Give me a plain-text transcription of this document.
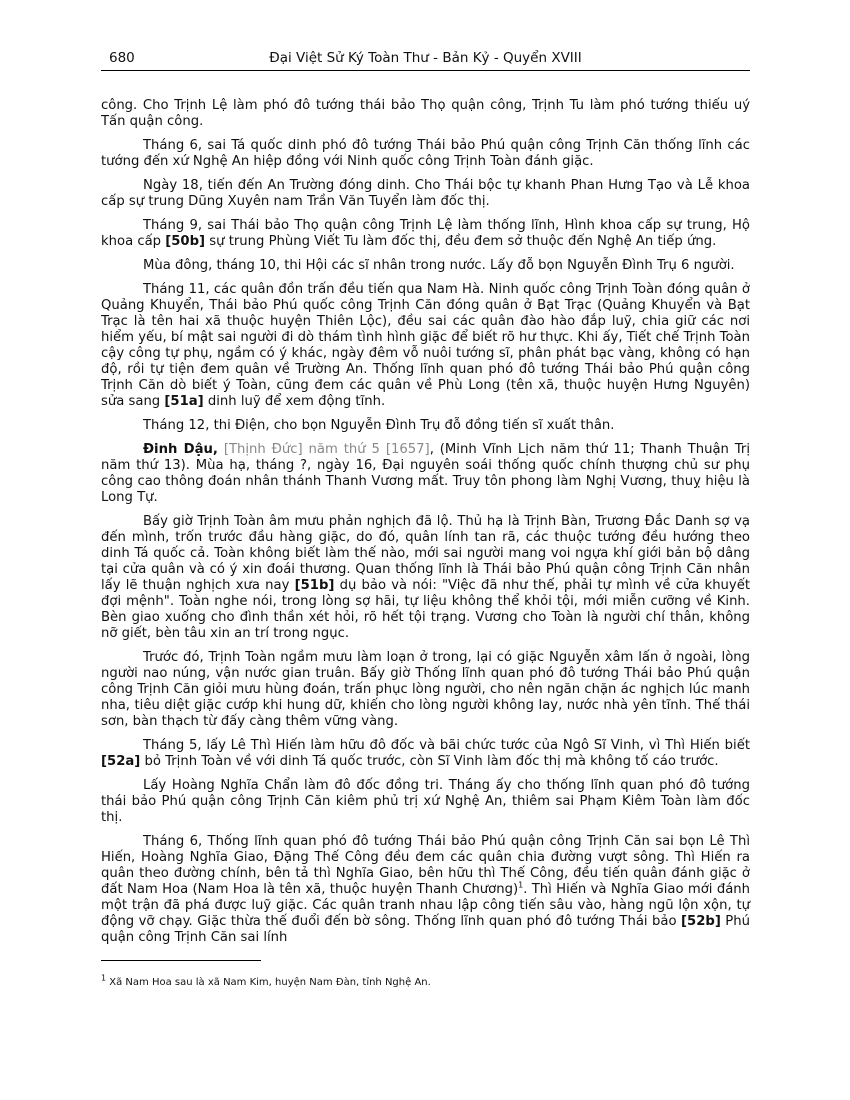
680	Đại Việt Sử Ký Toàn Thư - Bản Kỷ - Quyển XVIII

công. Cho Trịnh Lệ làm phó đô tướng thái bảo Thọ quận công, Trịnh Tu làm phó tướng thiếu uý Tấn quận công.

Tháng 6, sai Tá quốc dinh phó đô tướng Thái bảo Phú quận công Trịnh Căn thống lĩnh các tướng đến xứ Nghệ An hiệp đồng với Ninh quốc công Trịnh Toàn đánh giặc.

Ngày 18, tiến đến An Trường đóng dinh. Cho Thái bộc tự khanh Phan Hưng Tạo và Lễ khoa cấp sự trung Dũng Xuyên nam Trần Văn Tuyển làm đốc thị.

Tháng 9, sai Thái bảo Thọ quận công Trịnh Lệ làm thống lĩnh, Hình khoa cấp sự trung, Hộ khoa cấp [50b] sự trung Phùng Viết Tu làm đốc thị, đều đem sở thuộc đến Nghệ An tiếp ứng.

Mùa đông, tháng 10, thi Hội các sĩ nhân trong nước. Lấy đỗ bọn Nguyễn Đình Trụ 6 người.

Tháng 11, các quân đồn trấn đều tiến qua Nam Hà. Ninh quốc công Trịnh Toàn đóng quân ở Quảng Khuyển, Thái bảo Phú quốc công Trịnh Căn đóng quân ở Bạt Trạc (Quảng Khuyển và Bạt Trạc là tên hai xã thuộc huyện Thiên Lộc), đều sai các quân đào hào đắp luỹ, chia giữ các nơi hiểm yếu, bí mật sai người đi dò thám tình hình giặc để biết rõ hư thực. Khi ấy, Tiết chế Trịnh Toàn cậy công tự phụ, ngầm có ý khác, ngày đêm vỗ nuôi tướng sĩ, phân phát bạc vàng, không có hạn độ, rồi tự tiện đem quân về Trường An. Thống lĩnh quan phó đô tướng Thái bảo Phú quận công Trịnh Căn dò biết ý Toàn, cũng đem các quân về Phù Long (tên xã, thuộc huyện Hưng Nguyên) sửa sang [51a] dinh luỹ để xem động tĩnh.

Tháng 12, thi Điện, cho bọn Nguyễn Đình Trụ đỗ đồng tiến sĩ xuất thân.

Đinh Dậu, [Thịnh Đức] năm thứ 5 [1657], (Minh Vĩnh Lịch năm thứ 11; Thanh Thuận Trị năm thứ 13). Mùa hạ, tháng ?, ngày 16, Đại nguyên soái thống quốc chính thượng chủ sư phụ công cao thông đoán nhân thánh Thanh Vương mất. Truy tôn phong làm Nghị Vương, thuỵ hiệu là Long Tự.

Bấy giờ Trịnh Toàn âm mưu phản nghịch đã lộ. Thủ hạ là Trịnh Bàn, Trương Đắc Danh sợ vạ đến mình, trốn trước đầu hàng giặc, do đó, quân lính tan rã, các thuộc tướng đều hướng theo dinh Tá quốc cả. Toàn không biết làm thế nào, mới sai người mang voi ngựa khí giới bản bộ dâng tại cửa quân và có ý xin đoái thương. Quan thống lĩnh là Thái bảo Phú quận công Trịnh Căn nhân lấy lẽ thuận nghịch xưa nay [51b] dụ bảo và nói: "Việc đã như thế, phải tự mình về cửa khuyết đợi mệnh". Toàn nghe nói, trong lòng sợ hãi, tự liệu không thể khỏi tội, mới miễn cưỡng về Kinh. Bèn giao xuống cho đình thần xét hỏi, rõ hết tội trạng. Vương cho Toàn là người chí thân, không nỡ giết, bèn tâu xin an trí trong ngục.

Trước đó, Trịnh Toàn ngầm mưu làm loạn ở trong, lại có giặc Nguyễn xâm lấn ở ngoài, lòng người nao núng, vận nước gian truân. Bấy giờ Thống lĩnh quan phó đô tướng Thái bảo Phú quận công Trịnh Căn giỏi mưu hùng đoán, trấn phục lòng người, cho nên ngăn chặn ác nghịch lúc manh nha, tiêu diệt giặc cướp khi hung dữ, khiến cho lòng người không lay, nước nhà yên tĩnh. Thế thái sơn, bàn thạch từ đấy càng thêm vững vàng.

Tháng 5, lấy Lê Thì Hiến làm hữu đô đốc và bãi chức tước của Ngô Sĩ Vinh, vì Thì Hiến biết [52a] bỏ Trịnh Toàn về với dinh Tá quốc trước, còn Sĩ Vinh làm đốc thị mà không tố cáo trước.

Lấy Hoàng Nghĩa Chẩn làm đô đốc đồng tri. Tháng ấy cho thống lĩnh quan phó đô tướng thái bảo Phú quận công Trịnh Căn kiêm phủ trị xứ Nghệ An, thiêm sai Phạm Kiêm Toàn làm đốc thị.

Tháng 6, Thống lĩnh quan phó đô tướng Thái bảo Phú quận công Trịnh Căn sai bọn Lê Thì Hiến, Hoàng Nghĩa Giao, Đặng Thế Công đều đem các quân chia đường vượt sông. Thì Hiến ra quân theo đường chính, bên tả thì Nghĩa Giao, bên hữu thì Thế Công, đều tiến quân đánh giặc ở đất Nam Hoa (Nam Hoa là tên xã, thuộc huyện Thanh Chương)$^1$. Thì Hiến và Nghĩa Giao mới đánh một trận đã phá được luỹ giặc. Các quân tranh nhau lập công tiến sâu vào, hàng ngũ lộn xộn, tự động vỡ chạy. Giặc thừa thế đuổi đến bờ sông. Thống lĩnh quan phó đô tướng Thái bảo [52b] Phú quận công Trịnh Căn sai lính

$^1$ Xã Nam Hoa sau là xã Nam Kim, huyện Nam Đàn, tỉnh Nghệ An.
